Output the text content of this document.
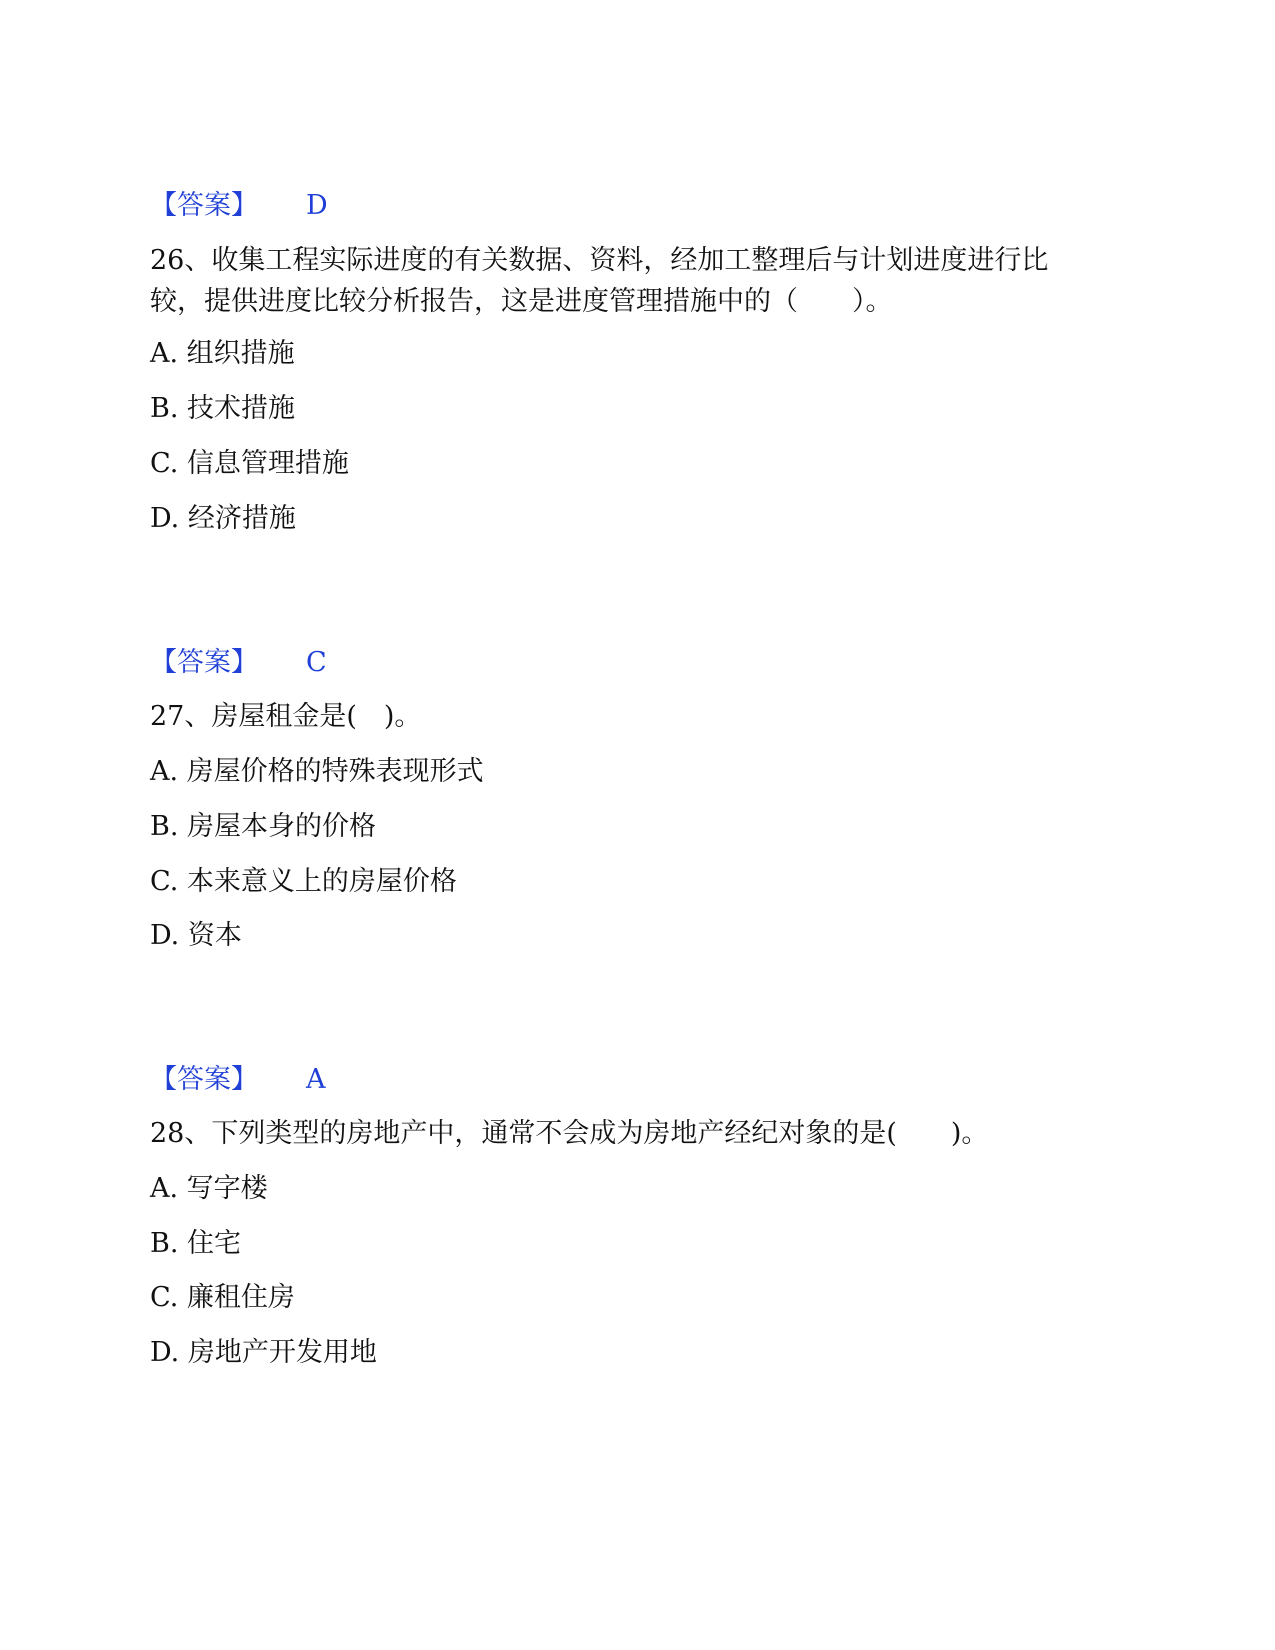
【答案】 D
26、收集工程实际进度的有关数据、资料，经加工整理后与计划进度进行比
较，提供进度比较分析报告，这是进度管理措施中的（　　）。
A. 组织措施
B. 技术措施
C. 信息管理措施
D. 经济措施
【答案】 C
27、房屋租金是(　)。
A. 房屋价格的特殊表现形式
B. 房屋本身的价格
C. 本来意义上的房屋价格
D. 资本
【答案】 A
28、下列类型的房地产中，通常不会成为房地产经纪对象的是(　　)。
A. 写字楼
B. 住宅
C. 廉租住房
D. 房地产开发用地
